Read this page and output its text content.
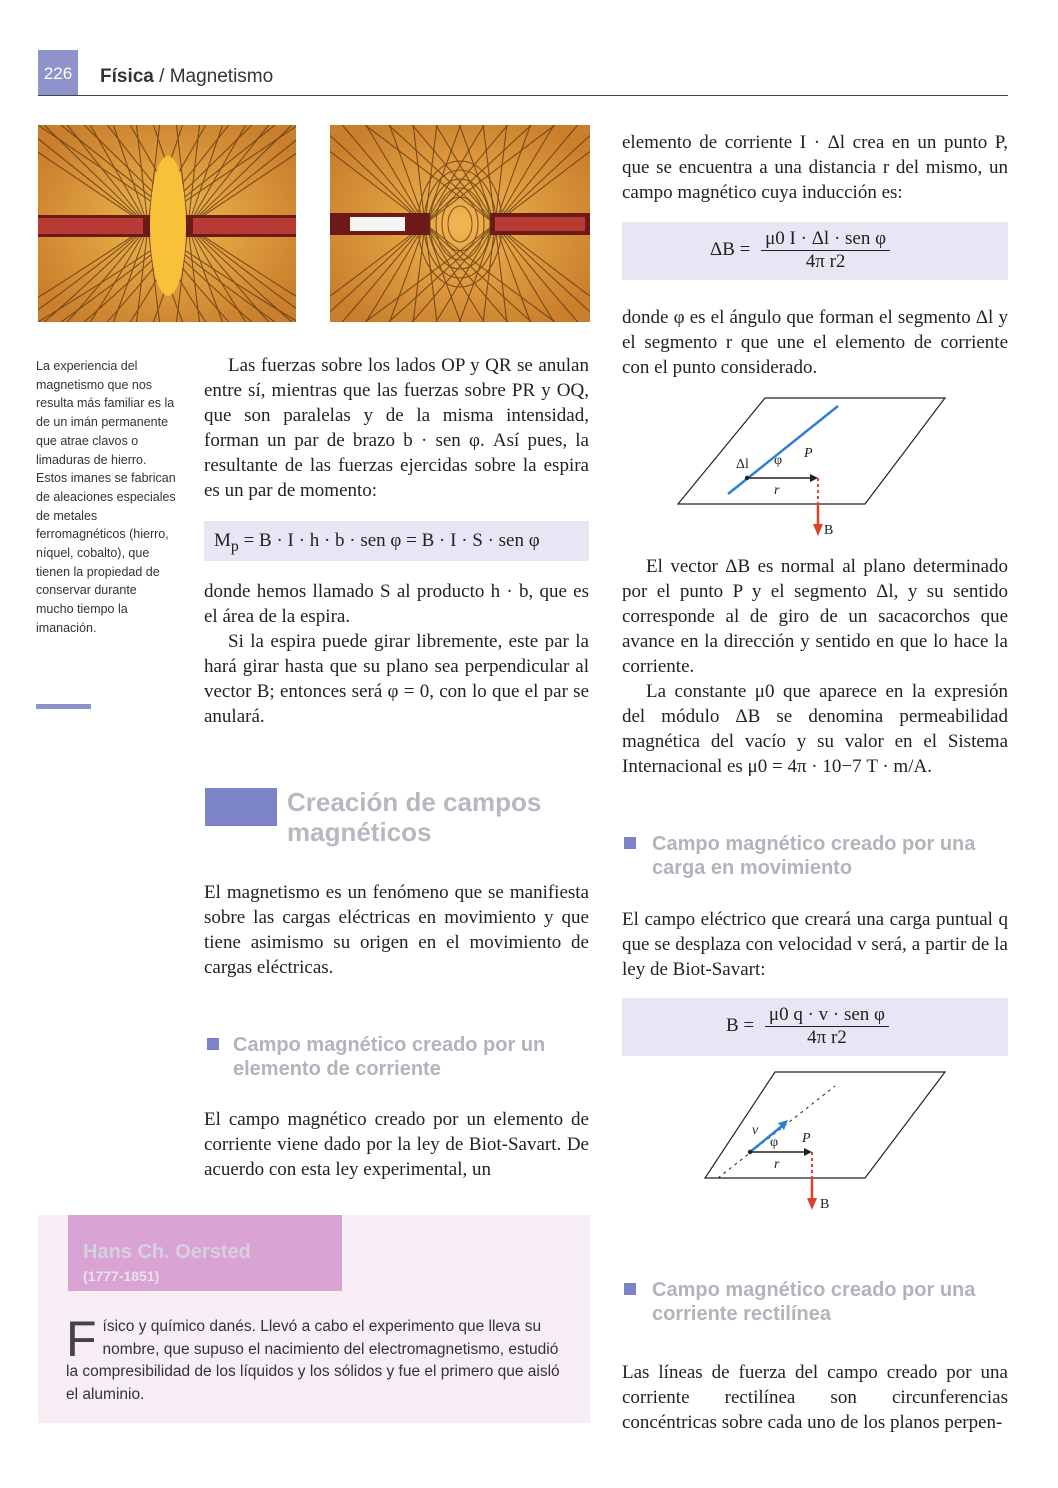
226	Física / Magnetismo
La experiencia del magnetismo que nos resulta más familiar es la de un imán permanente que atrae clavos o limaduras de hierro. Estos imanes se fabrican de aleaciones especiales de metales ferromagnéticos (hierro, níquel, cobalto), que tienen la propiedad de conservar durante mucho tiempo la imanación.

Las fuerzas sobre los lados OP y QR se anulan entre sí, mientras que las fuerzas sobre PR y OQ, que son paralelas y de la misma intensidad, forman un par de brazo b · sen φ. Así pues, la resultante de las fuerzas ejercidas sobre la espira es un par de momento:

$M_p = B \cdot I \cdot h \cdot b$ · sen φ = B · I · S · sen φ

donde hemos llamado S al producto h · b, que es el área de la espira.

Si la espira puede girar libremente, este par la hará girar hasta que su plano sea perpendicular al vector B; entonces será φ = 0, con lo que el par se anulará.

Creación de campos magnéticos

El magnetismo es un fenómeno que se manifiesta sobre las cargas eléctricas en movimiento y que tiene asimismo su origen en el movimiento de cargas eléctricas.

Campo magnético creado por un elemento de corriente

El campo magnético creado por un elemento de corriente viene dado por la ley de Biot-Savart. De acuerdo con esta ley experimental, un

Hans Ch. Oersted
(1777-1851)
Físico y químico danés. Llevó a cabo el experimento que lleva su nombre, que supuso el nacimiento del electromagnetismo, estudió la compresibilidad de los líquidos y los sólidos y fue el primero que aisló el aluminio.

elemento de corriente I · Δl crea en un punto P, que se encuentra a una distancia r del mismo, un campo magnético cuya inducción es:

$\Delta B = \frac{\text{μ0 I · Δl · sen φ}}{\text{4π r2}}$

donde φ es el ángulo que forman el segmento Δl y el segmento r que une el elemento de corriente con el punto considerado.

Δl φ P
r
B

El vector ΔB es normal al plano determinado por el punto P y el segmento Δl, y su sentido corresponde al de giro de un sacacorchos que avance en la dirección y sentido en que lo hace la corriente.

La constante μ0 que aparece en la expresión del módulo ΔB se denomina permeabilidad magnética del vacío y su valor en el Sistema Internacional es μ0 = 4π · 10−7 T · m/A.

Campo magnético creado por una carga en movimiento

El campo eléctrico que creará una carga puntual q que se desplaza con velocidad v será, a partir de la ley de Biot-Savart:

$B = \frac{\text{μ0 q · v · sen φ}}{\text{4π r2}}$
v
φ P
r
B
Campo magnético creado por una corriente rectilínea

Las líneas de fuerza del campo creado por una corriente rectilínea son circunferencias concéntricas sobre cada uno de los planos perpen-
